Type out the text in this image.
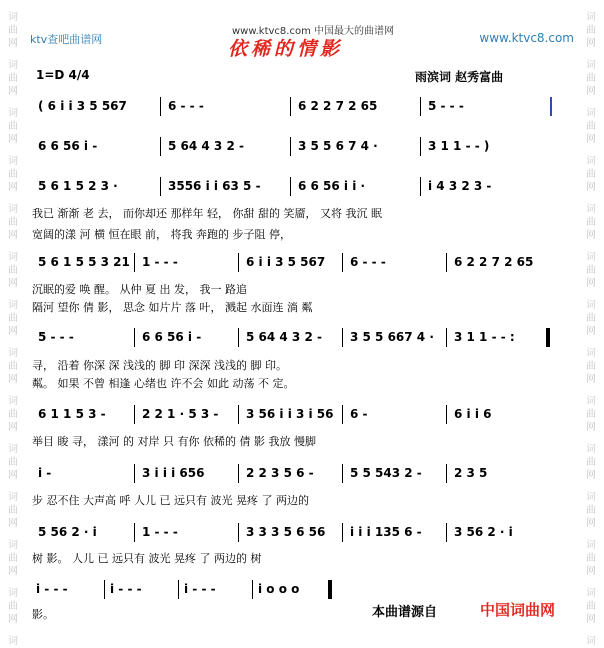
词
曲
网
词
曲
网
词
曲
网
词
曲
网
词
曲
网
词
曲
网
词
曲
网
词
曲
网
词
曲
网
词
曲
网
词
曲
网
词
曲
网
词
曲
网
词
词
曲
网
词
曲
网
词
曲
网
词
曲
网
词
曲
网
词
曲
网
词
曲
网
词
曲
网
词
曲
网
词
曲
网
词
曲
网
词
曲
网
词
曲
网
词
ktv查吧曲谱网
www.ktvc8.com 中国最大的曲谱网	www.ktvc8.com
依稀的情影
1=D 4/4	雨滨词 赵秀富曲
( 6 i i 3 5 567	6 - - -	6 2 2 7 2 65	5 - - -
6 6 56 i -	5 64 4 3 2 -	3 5 5 6 7 4 ·	3 1 1 - - )
5 6 1 5 2 3 ·	3556 i i 63 5 -	6 6 56 i i ·	i 4 3 2 3 -
5 6 1 5 5 3 21 1 - - -	6 i i 3 5 567 6 - - -	6 2 2 7 2 65
5 - - -	6 6 56 i -	5 64 4 3 2 - 3 5 5 667 4 · 3 1 1 - - :
6 1 1 5 3 -	2 2 1 · 5 3 - 3 56 i i 3 i 56 6 -	6 i i 6
i -	3 i i i 656	2 2 3 5 6 -	5 5 543 2 -	2 3 5
5 56 2 · i	1 - - -	3 3 3 5 6 56 i i i 135 6 -	3 56 2 · i
i - - -	i - - -	i - - -	i o o o
我已 渐渐 老 去， 而你却还 那样年 轻， 你甜 甜的 笑靥， 又将 我沉 眠
宽阔的漾 河 横 恒在眼 前， 将我 奔跑的 步子阻 停，
沉眠的爱 唤 醒。 从仲 夏 出 发， 我一 路追
隔河 望你 倩 影， 思念 如片片 落 叶， 溅起 水面连 淌 粼
寻， 沿着 你深 深 浅浅的 脚 印 深深 浅浅的 脚 印。
粼。 如果 不曾 相逢 心绪也 许不会 如此 动荡 不 定。
举目 睃 寻， 漾河 的 对岸 只 有你 依稀的 倩 影 我放 慢脚
步 忍不住 大声高 呼 人儿 已 远只有 波光 晃疼 了 两边的
树 影。 人儿 已 远只有 波光 晃疼 了 两边的 树
影。	本曲谱源自	中国词曲网
